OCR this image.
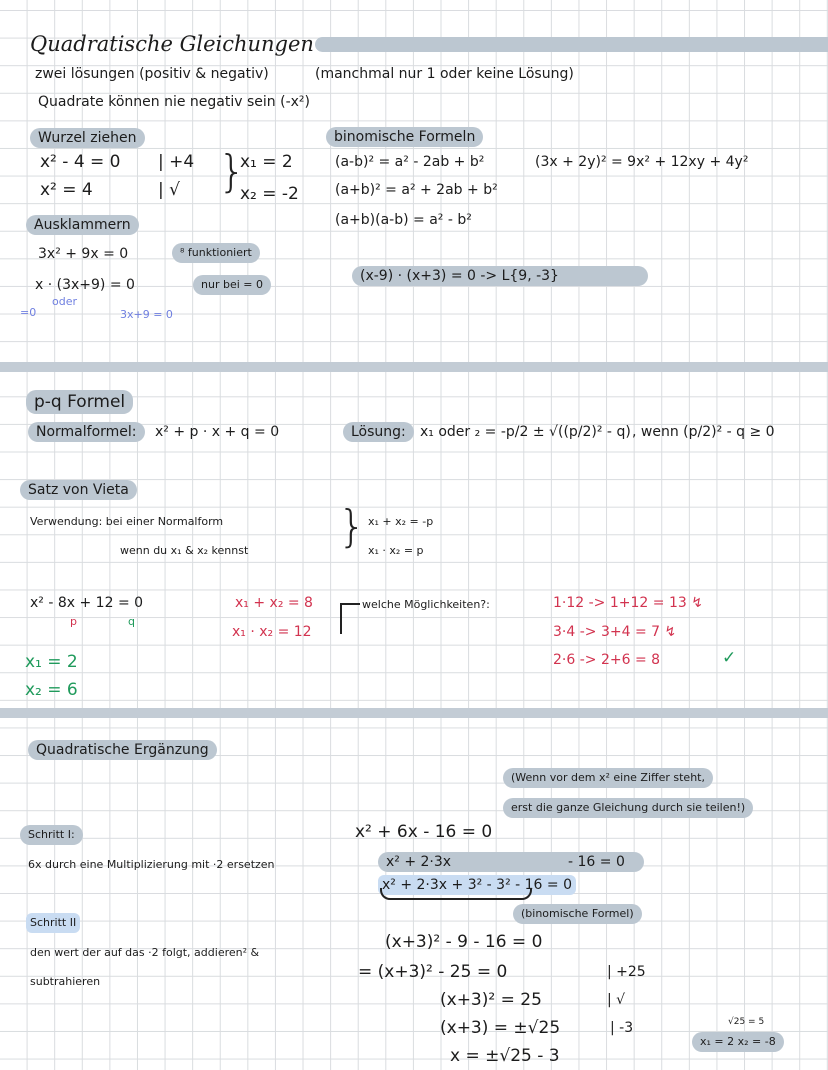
Quadratische Gleichungen
zwei lösungen (positiv & negativ)	(manchmal nur 1 oder keine Lösung)
Quadrate können nie negativ sein (-x²)
Wurzel ziehen
x² - 4 = 0 | +4
x² = 4	| √ }
x₁ = 2
x₂ = -2
binomische Formeln
(a-b)² = a² - 2ab + b²
(a+b)² = a² + 2ab + b²
(a+b)(a-b) = a² - b²
(3x + 2y)² = 9x² + 12xy + 4y²
Ausklammern
3x² + 9x = 0	⁸ funktioniert
x · (3x+9) = 0	nur bei = 0
=0
oder
3x+9 = 0
(x-9) · (x+3) = 0 -> L{9, -3}
p-q Formel
Normalformel:	x² + p · x + q = 0	Lösung:	x₁ oder ₂ = -p/2 ± √((p/2)² - q) , wenn (p/2)² - q ≥ 0
Satz von Vieta
Verwendung: bei einer Normalform
wenn du x₁ & x₂ kennst } x₁ + x₂ = -p
x₁ · x₂ = p
x² - 8x + 12 = 0
p	q
x₁ + x₂ = 8
x₁ · x₂ = 12
welche Möglichkeiten?:	1·12 -> 1+12 = 13 ↯
3·4 -> 3+4 = 7 ↯
2·6 -> 2+6 = 8	✓
x₁ = 2
x₂ = 6
Quadratische Ergänzung
(Wenn vor dem x² eine Ziffer steht,
erst die ganze Gleichung durch sie teilen!)
Schritt I:	x² + 6x - 16 = 0
6x durch eine Multiplizierung mit ·2 ersetzen	x² + 2·3x	- 16 = 0
x² + 2·3x + 3² - 3² - 16 = 0
(binomische Formel)
Schritt II
den wert der auf das ·2 folgt, addieren² &
subtrahieren
(x+3)² - 9 - 16 = 0
= (x+3)² - 25 = 0	| +25
(x+3)² = 25	| √
(x+3) = ±√25	| -3
x = ±√25 - 3
√25 = 5
x₁ = 2 x₂ = -8
